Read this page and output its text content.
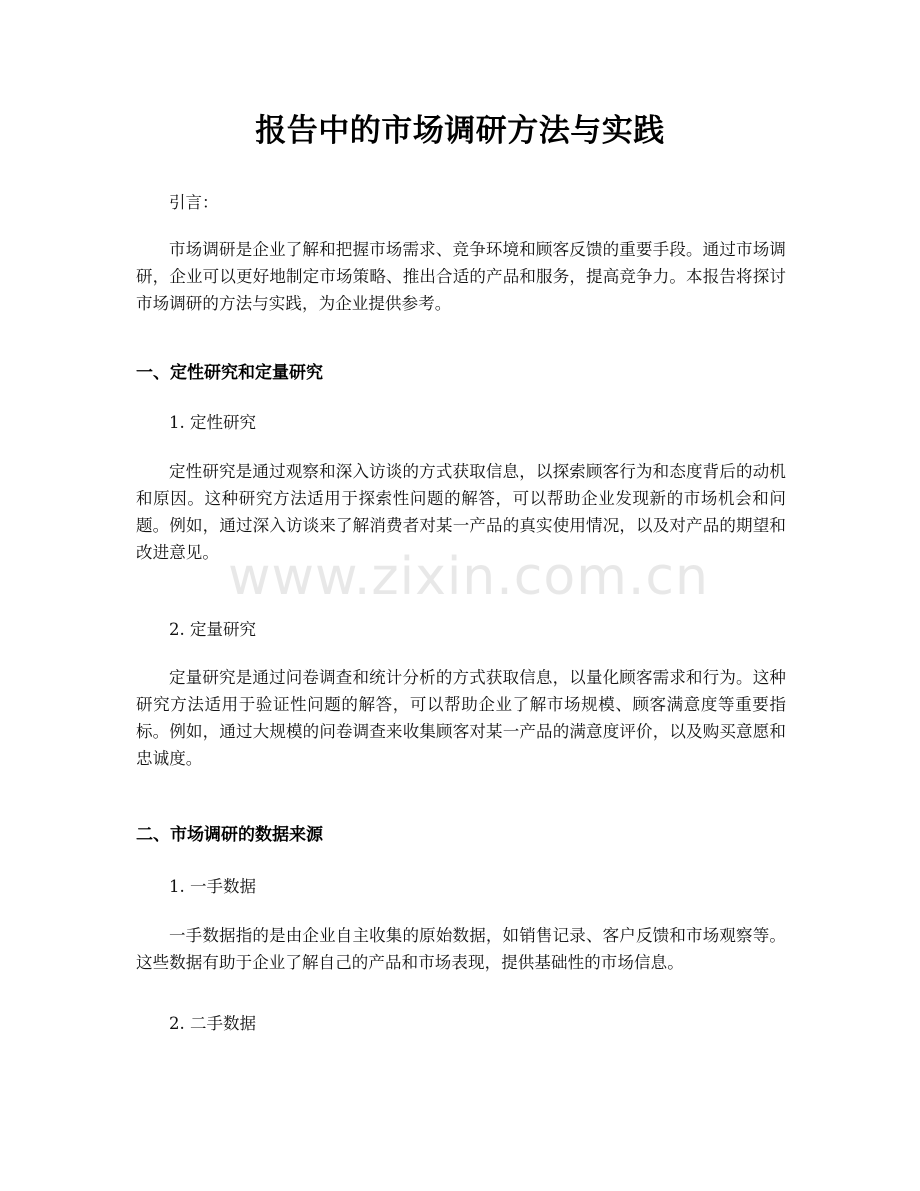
报告中的市场调研方法与实践
引言：
市场调研是企业了解和把握市场需求、竞争环境和顾客反馈的重要手段。通过市场调研，企业可以更好地制定市场策略、推出合适的产品和服务，提高竞争力。本报告将探讨市场调研的方法与实践，为企业提供参考。
一、定性研究和定量研究
1. 定性研究
定性研究是通过观察和深入访谈的方式获取信息，以探索顾客行为和态度背后的动机和原因。这种研究方法适用于探索性问题的解答，可以帮助企业发现新的市场机会和问题。例如，通过深入访谈来了解消费者对某一产品的真实使用情况，以及对产品的期望和改进意见。
2. 定量研究
定量研究是通过问卷调查和统计分析的方式获取信息，以量化顾客需求和行为。这种研究方法适用于验证性问题的解答，可以帮助企业了解市场规模、顾客满意度等重要指标。例如，通过大规模的问卷调查来收集顾客对某一产品的满意度评价，以及购买意愿和忠诚度。
二、市场调研的数据来源
1. 一手数据
一手数据指的是由企业自主收集的原始数据，如销售记录、客户反馈和市场观察等。这些数据有助于企业了解自己的产品和市场表现，提供基础性的市场信息。
2. 二手数据
www.zixin.com.cn
